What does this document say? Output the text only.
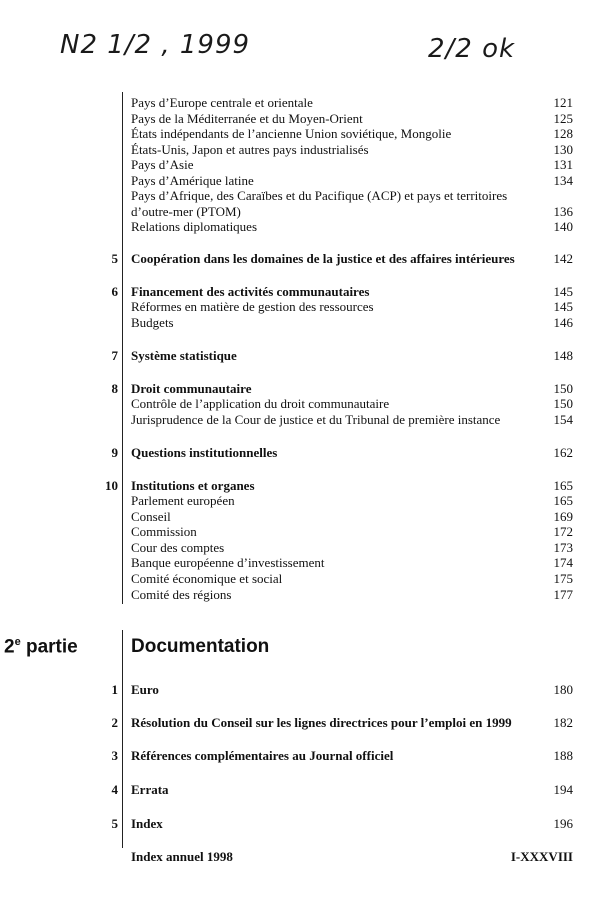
N2 1/2 , 1999	2/2 ok
Pays d’Europe centrale et orientale	121
Pays de la Méditerranée et du Moyen-Orient	125
États indépendants de l’ancienne Union soviétique, Mongolie	128
États-Unis, Japon et autres pays industrialisés	130
Pays d’Asie	131
Pays d’Amérique latine	134
Pays d’Afrique, des Caraïbes et du Pacifique (ACP) et pays et territoires
d’outre-mer (PTOM)	136
Relations diplomatiques	140
5 Coopération dans les domaines de la justice et des affaires intérieures	142
6 Financement des activités communautaires	145
Réformes en matière de gestion des ressources	145
Budgets	146
7 Système statistique	148
8 Droit communautaire	150
Contrôle de l’application du droit communautaire	150
Jurisprudence de la Cour de justice et du Tribunal de première instance	154
9 Questions institutionnelles	162
10 Institutions et organes	165
Parlement européen	165
Conseil	169
Commission	172
Cour des comptes	173
Banque européenne d’investissement	174
Comité économique et social	175
Comité des régions	177
2e partie	Documentation
1 Euro	180
2 Résolution du Conseil sur les lignes directrices pour l’emploi en 1999	182
3 Références complémentaires au Journal officiel	188
4 Errata	194
5 Index	196
Index annuel 1998	I-XXXVIII
